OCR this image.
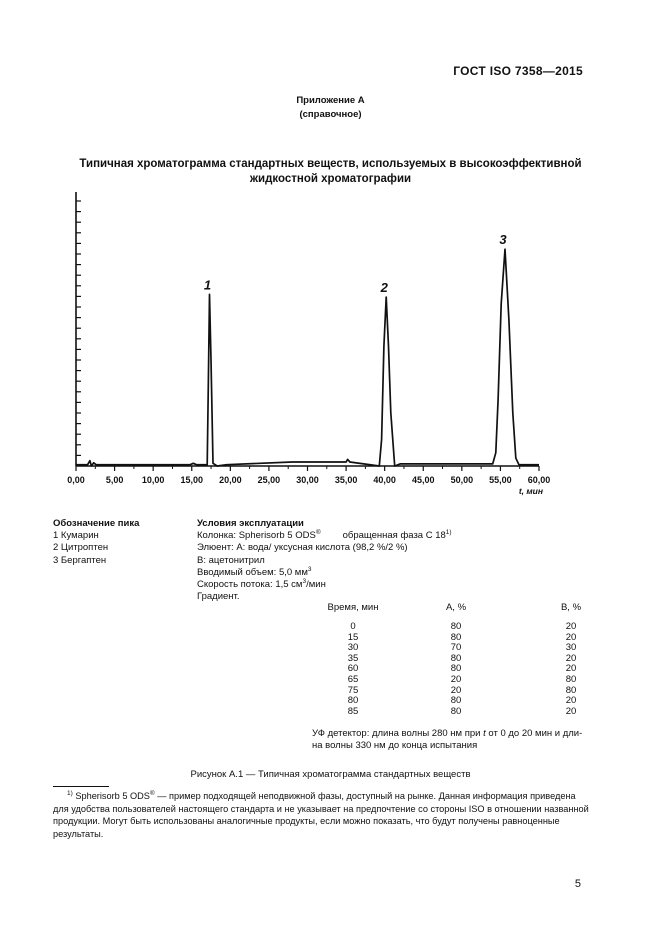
ГОСТ ISO 7358—2015
Приложение А
(справочное)
Типичная хроматограмма стандартных веществ, используемых в высокоэффективной
жидкостной хроматографии
0,00 5,00 10,00 15,00 20,00 25,00 30,00 35,00 40,00 45,00 50,00 55,00 60,00
t, мин
1	2
3
Обозначение пика
1 Кумарин
2 Цитроптен
3 Бергаптен
Условия эксплуатации
Колонка: Spherisorb 5 ODS® обращенная фаза С 18$^{1)}$
Элюент: А: вода/ уксусная кислота (98,2 %/2 %)
В: ацетонитрил
Вводимый объем: 5,0 $мм^3$
Скорость потока: 1,5 $см^3$/мин
Градиент.
Время, мин	А, %	В, %
0	80	20
15	80	20
30	70	30
35	80	20
60	80	20
65	20	80
75	20	80
80	80	20
85	80	20
УФ детектор: длина волны 280 нм при t от 0 до 20 мин и дли-
на волны 330 нм до конца испытания
Рисунок А.1 — Типичная хроматограмма стандартных веществ
$^{1)}$ Spherisorb 5 ODS® — пример подходящей неподвижной фазы, доступный на рынке. Данная информация приведена для удобства пользователей настоящего стандарта и не указывает на предпочтение со стороны ISO в отношении названной продукции. Могут быть использованы аналогичные продукты, если можно показать, что будут получены равноценные результаты.
5
